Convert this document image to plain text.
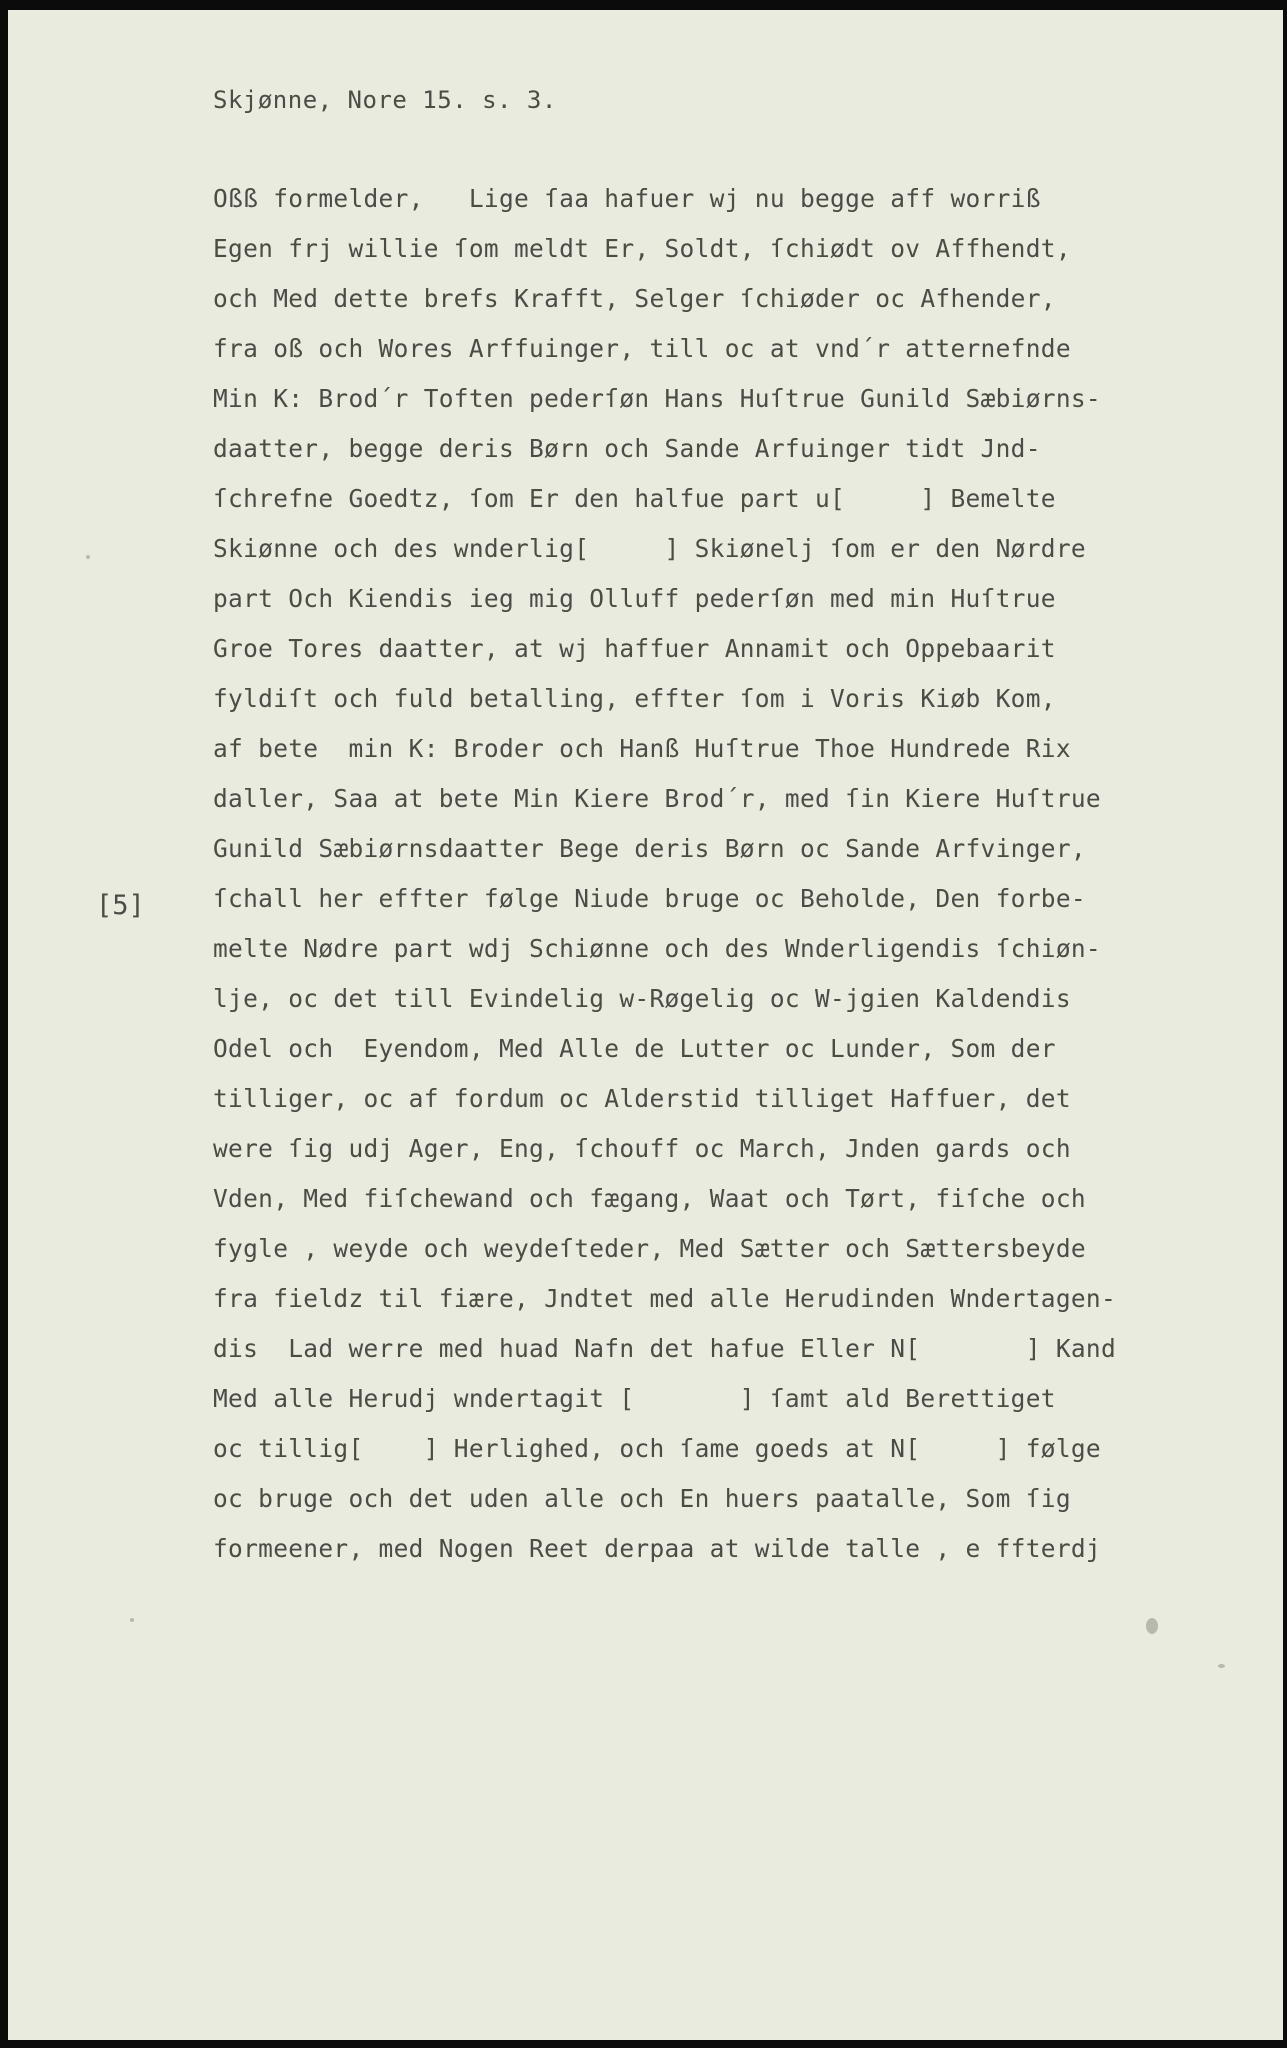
Skjønne, Nore 15. s. 3.
[5]
Oßß formelder,   Lige ſaa hafuer wj nu begge aff worriß
Egen frj willie ſom meldt Er, Soldt, ſchiødt ov Affhendt,
och Med dette brefs Krafft, Selger ſchiøder oc Afhender,
fra oß och Wores Arffuinger, till oc at vnd´r atternefnde
Min K: Brod´r Toften pederſøn Hans Huſtrue Gunild Sæbiørns-
daatter, begge deris Børn och Sande Arfuinger tidt Jnd-
ſchrefne Goedtz, ſom Er den halfue part u[     ] Bemelte
Skiønne och des wnderlig[     ] Skiønelj ſom er den Nørdre
part Och Kiendis ieg mig Olluff pederſøn med min Huſtrue
Groe Tores daatter, at wj haffuer Annamit och Oppebaarit
fyldiſt och fuld betalling, effter ſom i Voris Kiøb Kom,
af bete  min K: Broder och Hanß Huſtrue Thoe Hundrede Rix
daller, Saa at bete Min Kiere Brod´r, med ſin Kiere Huſtrue
Gunild Sæbiørnsdaatter Bege deris Børn oc Sande Arfvinger,
ſchall her effter følge Niude bruge oc Beholde, Den forbe-
melte Nødre part wdj Schiønne och des Wnderligendis ſchiøn-
lje, oc det till Evindelig w-Røgelig oc W-jgien Kaldendis
Odel och  Eyendom, Med Alle de Lutter oc Lunder, Som der
tilliger, oc af fordum oc Alderstid tilliget Haffuer, det
were ſig udj Ager, Eng, ſchouff oc March, Jnden gards och
Vden, Med fiſchewand och fægang, Waat och Tørt, fiſche och
fygle , weyde och weydeſteder, Med Sætter och Sættersbeyde
fra fieldz til fiære, Jndtet med alle Herudinden Wndertagen-
dis  Lad werre med huad Nafn det hafue Eller N[       ] Kand
Med alle Herudj wndertagit [       ] ſamt ald Berettiget
oc tillig[    ] Herlighed, och ſame goeds at N[     ] følge
oc bruge och det uden alle och En huers paatalle, Som ſig
formeener, med Nogen Reet derpaa at wilde talle , e ffterdj
